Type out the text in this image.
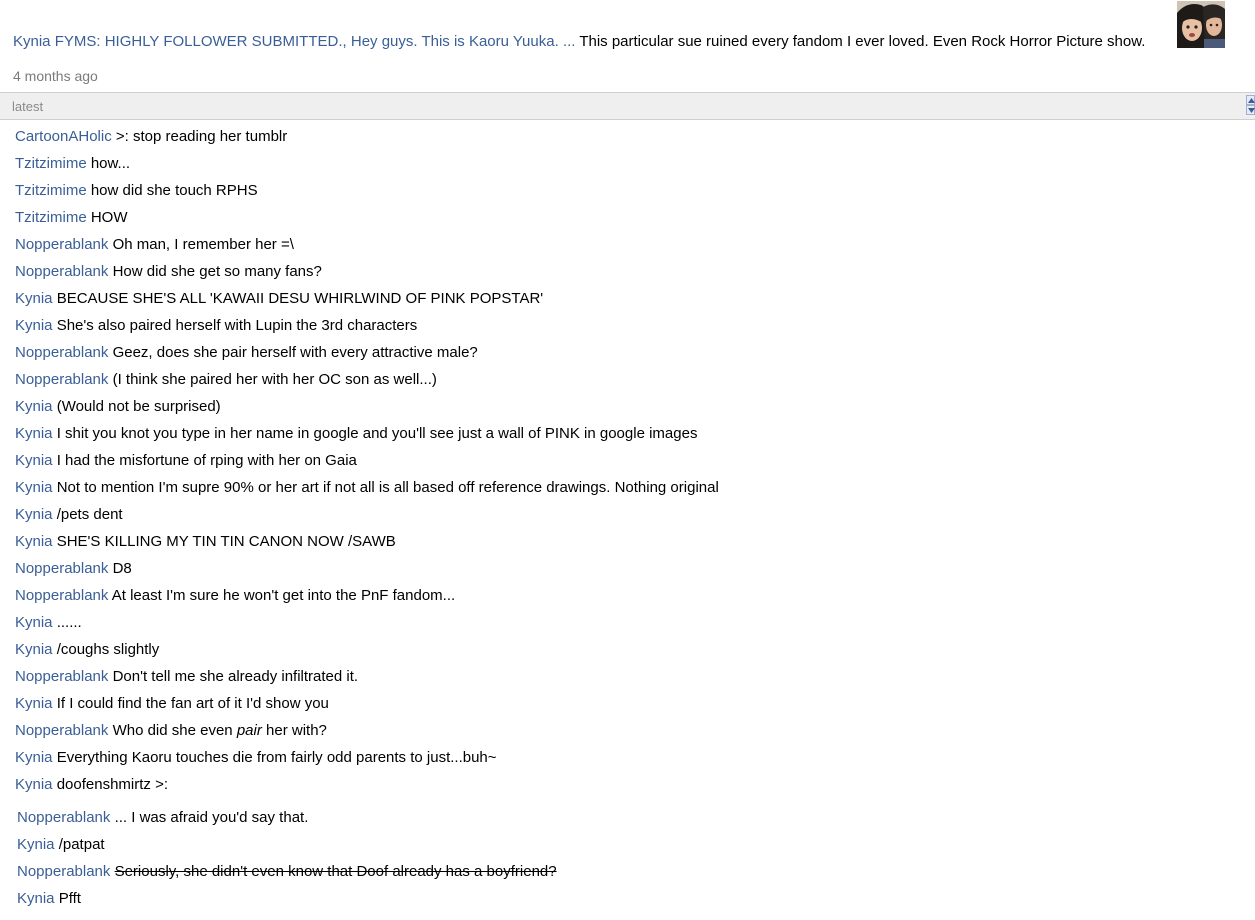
Kynia FYMS: HIGHLY FOLLOWER SUBMITTED., Hey guys. This is Kaoru Yuuka. ... This particular sue ruined every fandom I ever loved. Even Rock Horror Picture show.
4 months ago
latest
CartoonAHolic >: stop reading her tumblr
Tzitzimime how...
Tzitzimime how did she touch RPHS
Tzitzimime HOW
Nopperablank Oh man, I remember her =\
Nopperablank How did she get so many fans?
Kynia BECAUSE SHE'S ALL 'KAWAII DESU WHIRLWIND OF PINK POPSTAR'
Kynia She's also paired herself with Lupin the 3rd characters
Nopperablank Geez, does she pair herself with every attractive male?
Nopperablank (I think she paired her with her OC son as well...)
Kynia (Would not be surprised)
Kynia I shit you knot you type in her name in google and you'll see just a wall of PINK in google images
Kynia I had the misfortune of rping with her on Gaia
Kynia Not to mention I'm supre 90% or her art if not all is all based off reference drawings. Nothing original
Kynia /pets dent
Kynia SHE'S KILLING MY TIN TIN CANON NOW /SAWB
Nopperablank D8
Nopperablank At least I'm sure he won't get into the PnF fandom...
Kynia ......
Kynia /coughs slightly
Nopperablank Don't tell me she already infiltrated it.
Kynia If I could find the fan art of it I'd show you
Nopperablank Who did she even pair her with?
Kynia Everything Kaoru touches die from fairly odd parents to just...buh~
Kynia doofenshmirtz >:
Nopperablank ... I was afraid you'd say that.
Kynia /patpat
Nopperablank Seriously, she didn't even know that Doof already has a boyfriend?
Kynia Pfft
